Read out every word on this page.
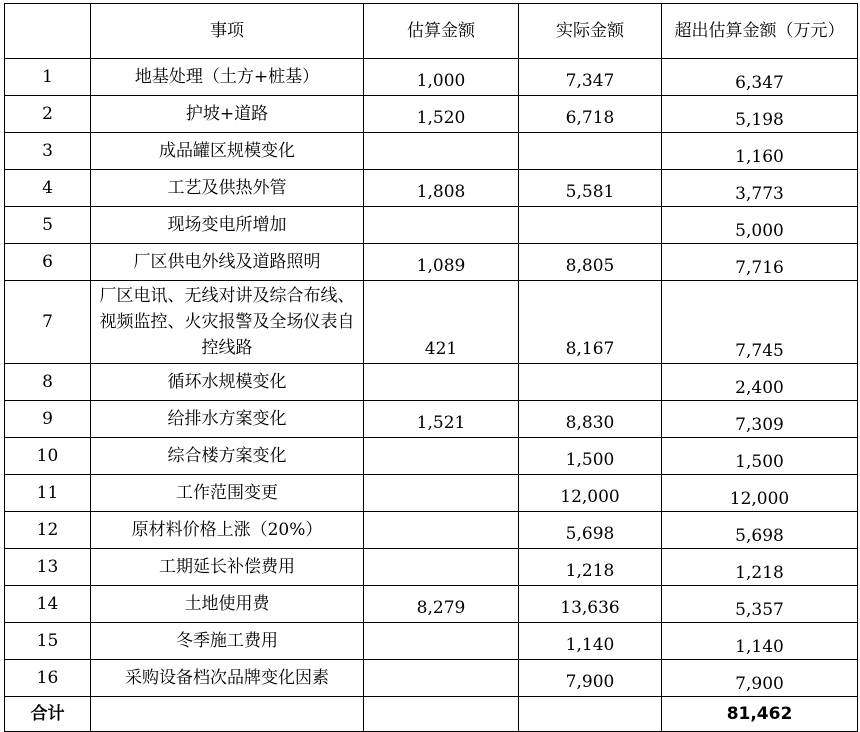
	事项	估算金额	实际金额	超出估算金额（万元）
1	地基处理（土方+桩基）	1,000	7,347	6,347
2	护坡+道路	1,520	6,718	5,198
3	成品罐区规模变化			1,160
4	工艺及供热外管	1,808	5,581	3,773
5	现场变电所增加			5,000
6	厂区供电外线及道路照明	1,089	8,805	7,716
7	厂区电讯、无线对讲及综合布线、视频监控、火灾报警及全场仪表自控线路	421	8,167	7,745
8	循环水规模变化			2,400
9	给排水方案变化	1,521	8,830	7,309
10	综合楼方案变化		1,500	1,500
11	工作范围变更		12,000	12,000
12	原材料价格上涨（20%）		5,698	5,698
13	工期延长补偿费用		1,218	1,218
14	土地使用费	8,279	13,636	5,357
15	冬季施工费用		1,140	1,140
16	采购设备档次品牌变化因素		7,900	7,900
合计				81,462
